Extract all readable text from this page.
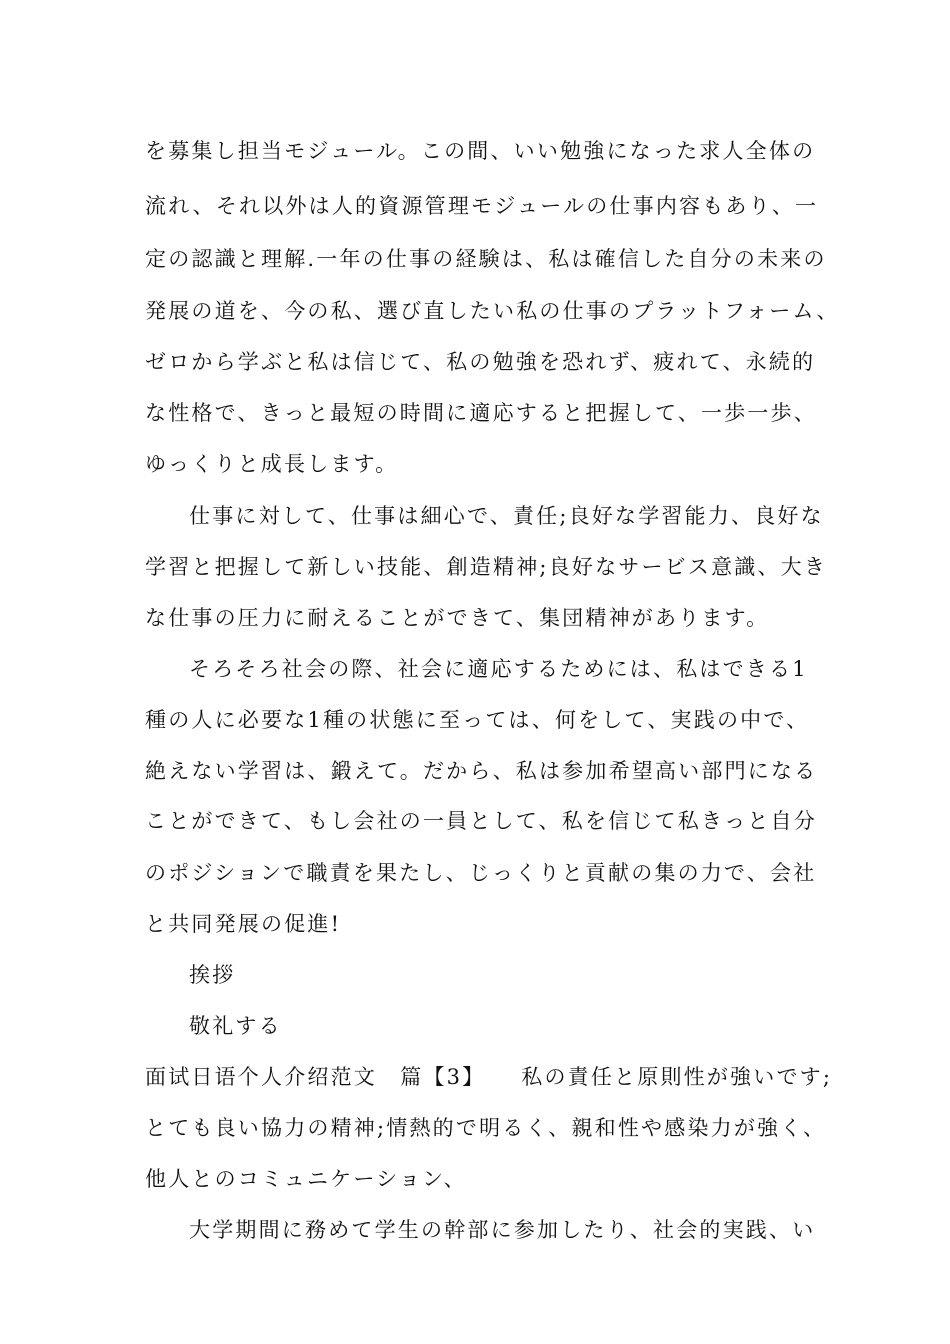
を募集し担当モジュール。この間、いい勉強になった求人全体の
流れ、それ以外は人的資源管理モジュールの仕事内容もあり、一
定の認識と理解.一年の仕事の経験は、私は確信した自分の未来の
発展の道を、今の私、選び直したい私の仕事のプラットフォーム、
ゼロから学ぶと私は信じて、私の勉強を恐れず、疲れて、永続的
な性格で、きっと最短の時間に適応すると把握して、一歩一歩、
ゆっくりと成長します。
仕事に対して、仕事は細心で、責任;良好な学習能力、良好な
学習と把握して新しい技能、創造精神;良好なサービス意識、大き
な仕事の圧力に耐えることができて、集団精神があります。
そろそろ社会の際、社会に適応するためには、私はできる1
種の人に必要な1種の状態に至っては、何をして、実践の中で、
絶えない学習は、鍛えて。だから、私は参加希望高い部門になる
ことができて、もし会社の一員として、私を信じて私きっと自分
のポジションで職責を果たし、じっくりと貢献の集の力で、会社
と共同発展の促進!
挨拶
敬礼する
面试日语个人介绍范文　篇【3】　　私の責任と原則性が強いです;
とても良い協力の精神;情熱的で明るく、親和性や感染力が強く、
他人とのコミュニケーション、
大学期間に務めて学生の幹部に参加したり、社会的実践、い
